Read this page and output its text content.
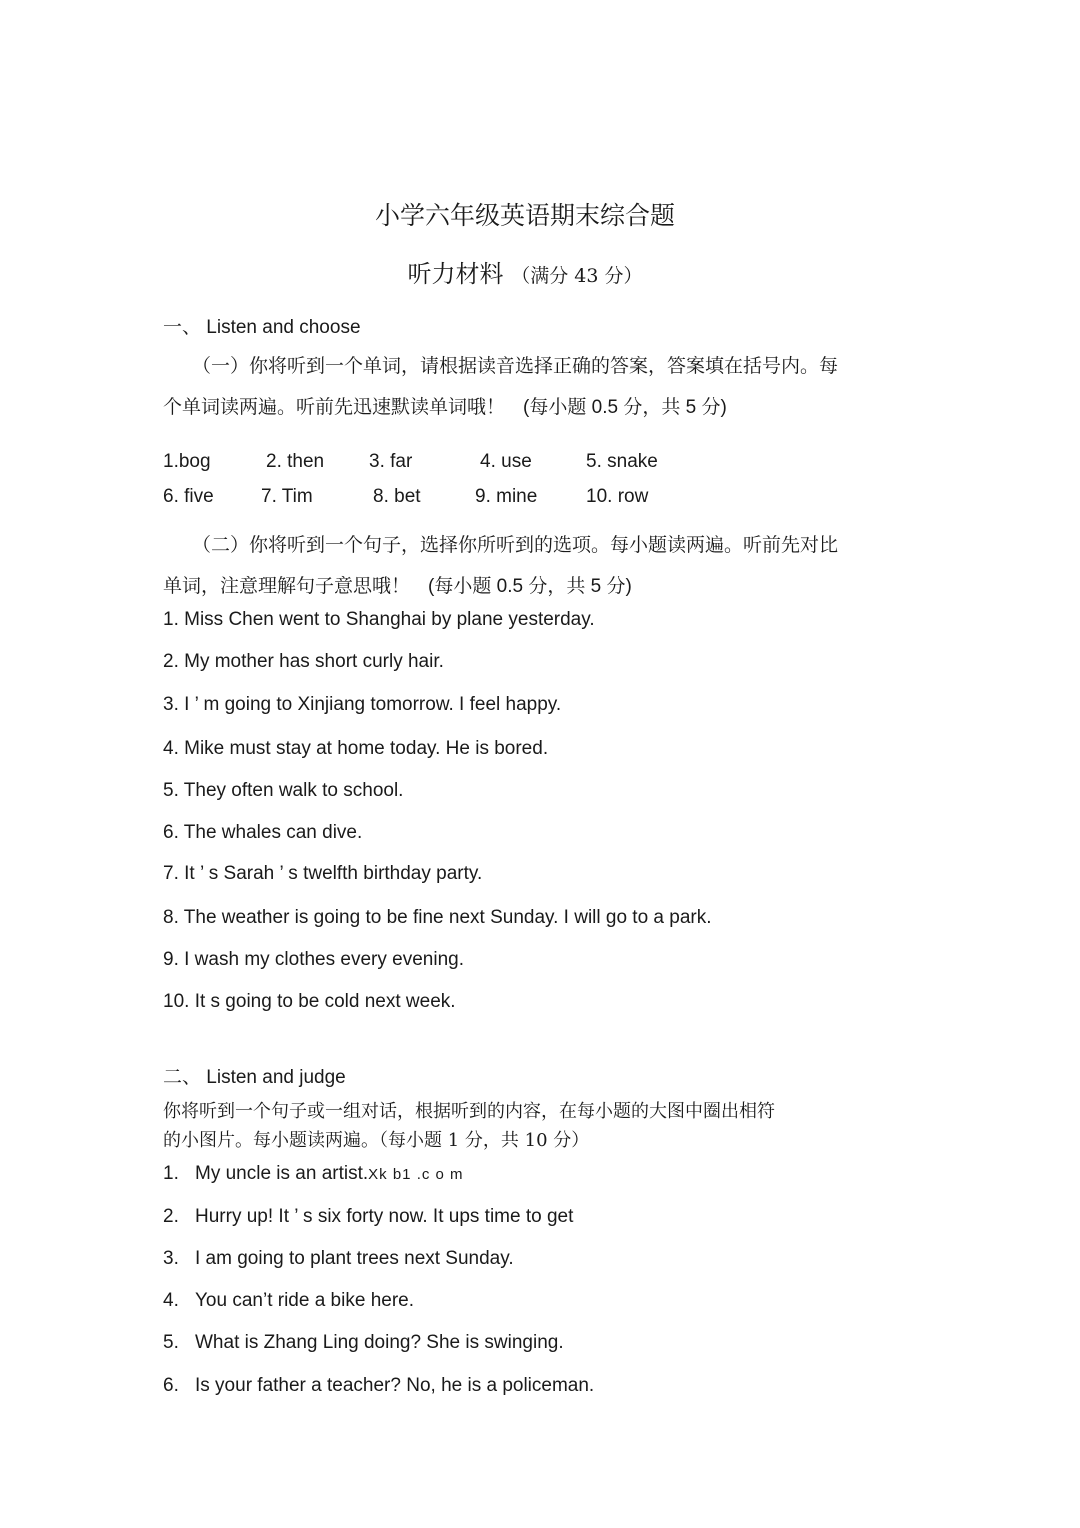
小学六年级英语期末综合题
听力材料 （满分 43 分）
一、 Listen and choose
（一）你将听到一个单词，请根据读音选择正确的答案，答案填在括号内。每
个单词读两遍。听前先迅速默读单词哦！ (每小题 0.5 分，共 5 分)
1.bog	2. then 3. far	4. use	5. snake
6. five 7. Tim	8. bet	9. mine	10. row
（二）你将听到一个句子，选择你所听到的选项。每小题读两遍。听前先对比
单词，注意理解句子意思哦！ (每小题 0.5 分，共 5 分)
1. Miss Chen went to Shanghai by plane yesterday.
2. My mother has short curly hair.
3. I ’ m going to Xinjiang tomorrow. I feel happy.
4. Mike must stay at home today. He is bored.
5. They often walk to school.
6. The whales can dive.
7. It ’ s Sarah ’ s twelfth birthday party.
8. The weather is going to be fine next Sunday. I will go to a park.
9. I wash my clothes every evening.
10. It s going to be cold next week.
二、 Listen and judge
你将听到一个句子或一组对话，根据听到的内容，在每小题的大图中圈出相符
的小图片。每小题读两遍。（每小题 1 分，共 10 分）
1. My uncle is an artist.Xk b1 .c o m
2. Hurry up! It ’ s six forty now. It ups time to get
3. I am going to plant trees next Sunday.
4. You can’t ride a bike here.
5. What is Zhang Ling doing? She is swinging.
6. Is your father a teacher? No, he is a policeman.
